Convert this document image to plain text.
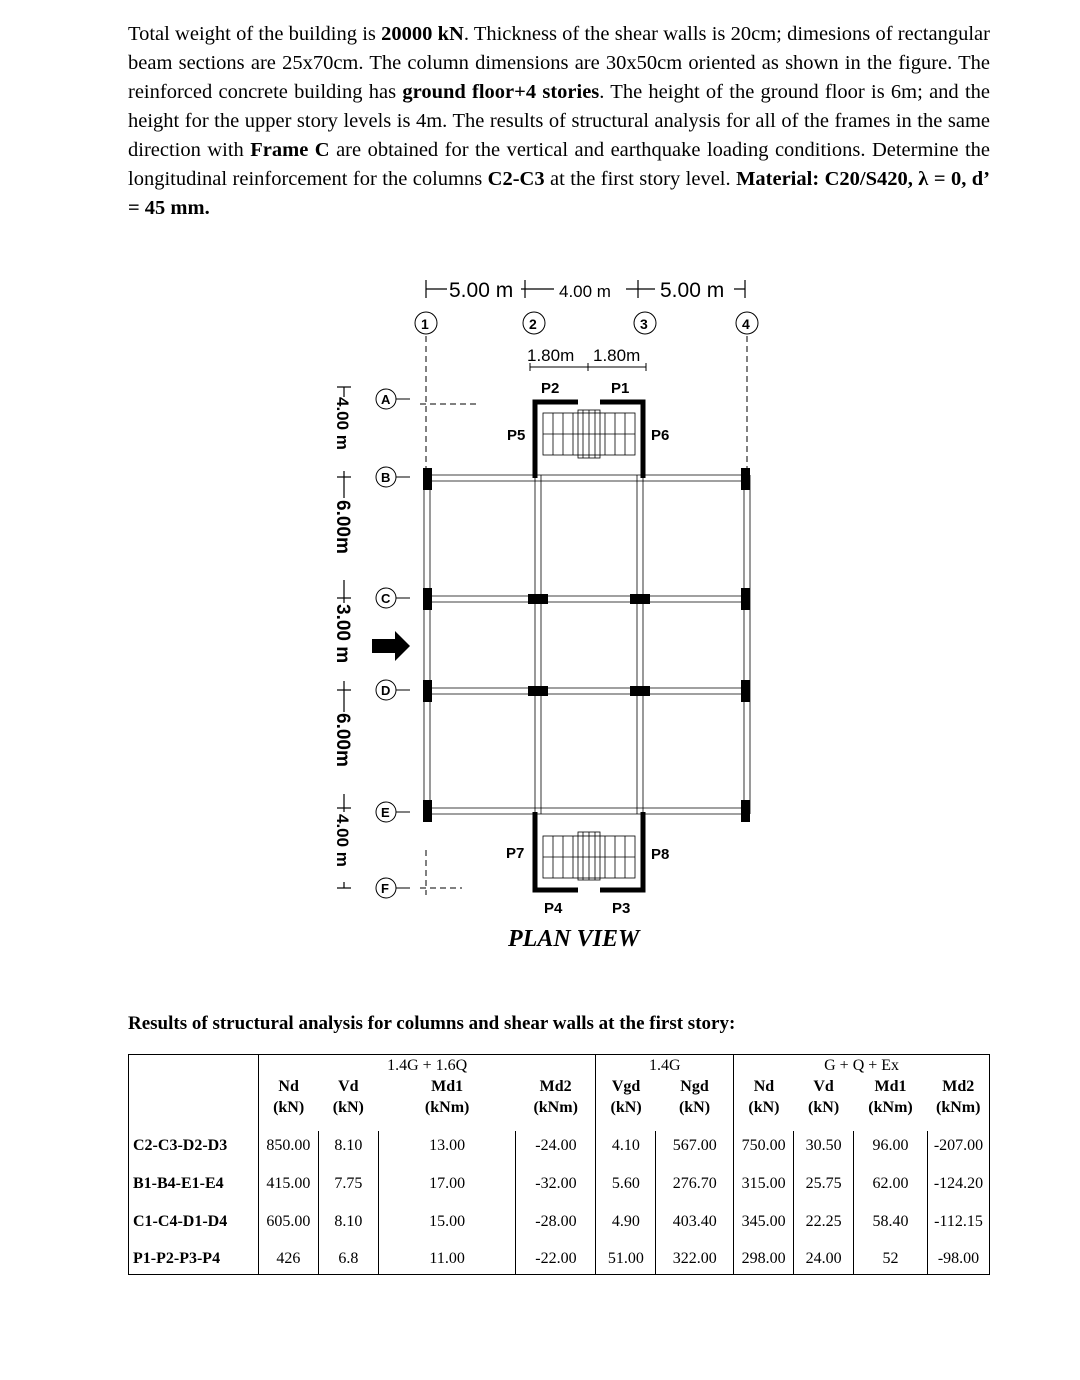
Total weight of the building is 20000 kN. Thickness of the shear walls is 20cm; dimesions of rectangular beam sections are 25x70cm. The column dimensions are 30x50cm oriented as shown in the figure. The reinforced concrete building has ground floor+4 stories. The height of the ground floor is 6m; and the height for the upper story levels is 4m. The results of structural analysis for all of the frames in the same direction with Frame C are obtained for the vertical and earthquake loading conditions. Determine the longitudinal reinforcement for the columns C2-C3 at the first story level. Material: C20/S420, λ = 0, d’ = 45 mm.

5.00 m	4.00 m 5.00 m
1	2	3	4
1.80m 1.80m
4.00 m
6.00m
3.00 m
6.00m
4.00 m
A
B
C
D
E
F
P1
P2
P3
P4
P5	P6
P7	P8
PLAN VIEW
Results of structural analysis for columns and shear walls at the first story:
	1.4G + 1.6Q				1.4G		G + Q + Ex			
	Nd	Vd	Md1	Md2	Vgd	Ngd	Nd	Vd	Md1	Md2
	(kN)	(kN)	(kNm)	(kNm)	(kN)	(kN)	(kN)	(kN)	(kNm)	(kNm)

C2-C3-D2-D3	850.00	8.10	13.00	-24.00	4.10	567.00	750.00	30.50	96.00	-207.00

B1-B4-E1-E4	415.00	7.75	17.00	-32.00	5.60	276.70	315.00	25.75	62.00	-124.20

C1-C4-D1-D4	605.00	8.10	15.00	-28.00	4.90	403.40	345.00	22.25	58.40	-112.15

P1-P2-P3-P4	426	6.8	11.00	-22.00	51.00	322.00	298.00	24.00	52	-98.00
